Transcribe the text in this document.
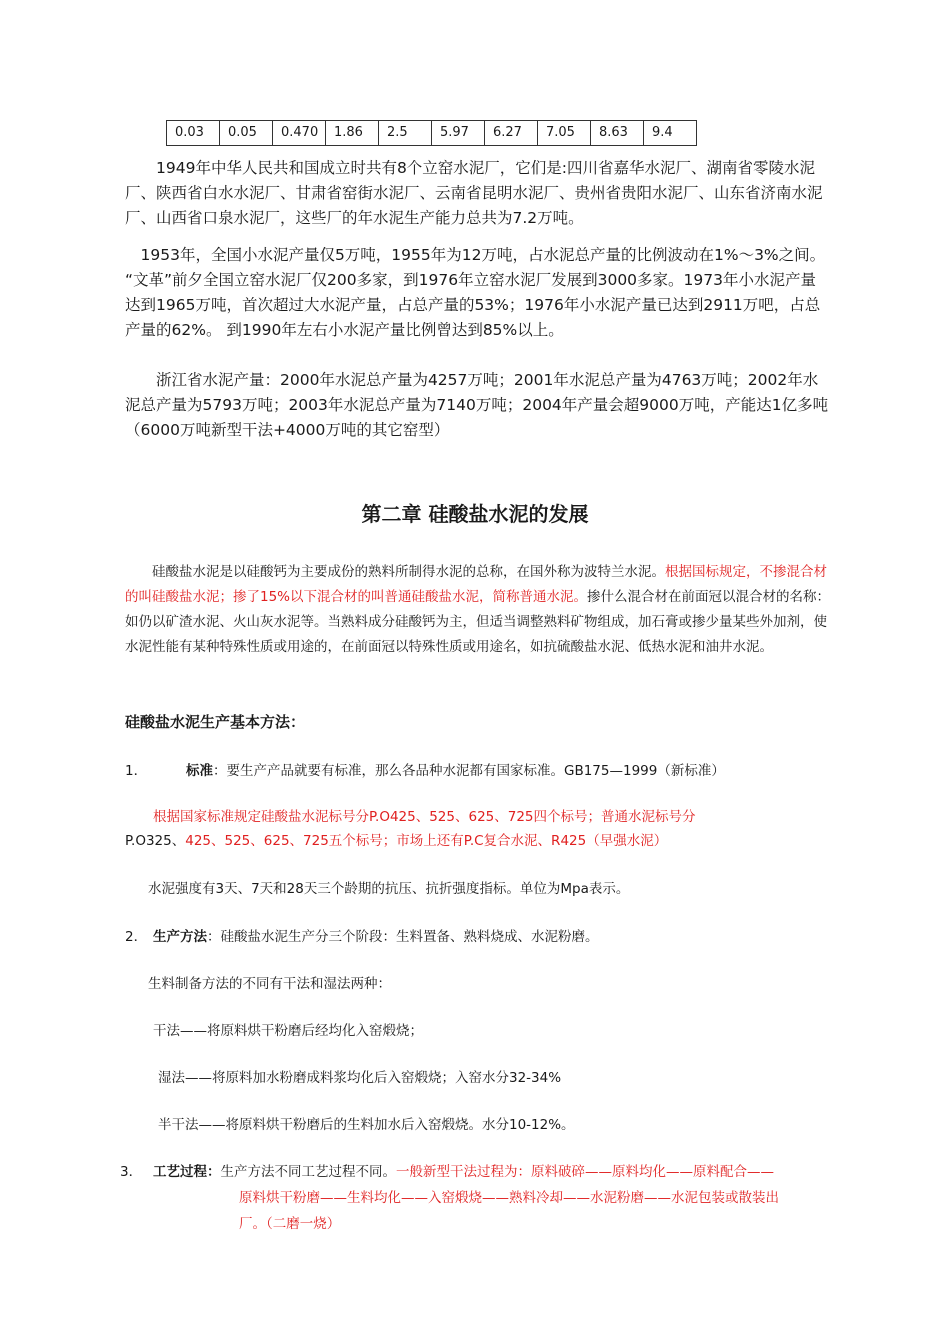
0.03	0.05	0.470	1.86	2.5	5.97	6.27	7.05	8.63	9.4

　　1949年中华人民共和国成立时共有8个立窑水泥厂，它们是:四川省嘉华水泥厂、湖南省零陵水泥厂、陕西省白水水泥厂、甘肃省窑街水泥厂、云南省昆明水泥厂、贵州省贵阳水泥厂、山东省济南水泥厂、山西省口泉水泥厂，这些厂的年水泥生产能力总共为7.2万吨。

　1953年，全国小水泥产量仅5万吨，1955年为12万吨，占水泥总产量的比例波动在1%～3%之间。 “文革”前夕全国立窑水泥厂仅200多家，到1976年立窑水泥厂发展到3000多家。1973年小水泥产量达到1965万吨，首次超过大水泥产量，占总产量的53%；1976年小水泥产量已达到2911万吧，占总产量的62%。 到1990年左右小水泥产量比例曾达到85%以上。

　　浙江省水泥产量：2000年水泥总产量为4257万吨；2001年水泥总产量为4763万吨；2002年水泥总产量为5793万吨；2003年水泥总产量为7140万吨；2004年产量会超9000万吨，产能达1亿多吨（6000万吨新型干法+4000万吨的其它窑型）

第二章 硅酸盐水泥的发展

　　硅酸盐水泥是以硅酸钙为主要成份的熟料所制得水泥的总称，在国外称为波特兰水泥。根据国标规定，不掺混合材的叫硅酸盐水泥；掺了15%以下混合材的叫普通硅酸盐水泥，简称普通水泥。掺什么混合材在前面冠以混合材的名称：如仍以矿渣水泥、火山灰水泥等。当熟料成分硅酸钙为主，但适当调整熟料矿物组成，加石膏或掺少量某些外加剂，使水泥性能有某种特殊性质或用途的，在前面冠以特殊性质或用途名，如抗硫酸盐水泥、低热水泥和油井水泥。

硅酸盐水泥生产基本方法：
1．	标准：要生产产品就要有标准，那么各品种水泥都有国家标准。GB175—1999（新标准）
根据国家标准规定硅酸盐水泥标号分P.O425、525、625、725四个标号；普通水泥标号分
P.O325、425、525、625、725五个标号；市场上还有P.C复合水泥、R425（早强水泥）
水泥强度有3天、7天和28天三个龄期的抗压、抗折强度指标。单位为Mpa表示。
2． 生产方法：硅酸盐水泥生产分三个阶段：生料置备、熟料烧成、水泥粉磨。
生料制备方法的不同有干法和湿法两种：
干法——将原料烘干粉磨后经均化入窑煅烧；
湿法——将原料加水粉磨成料浆均化后入窑煅烧；入窑水分32-34%
半干法——将原料烘干粉磨后的生料加水后入窑煅烧。水分10-12%。
3． 工艺过程：生产方法不同工艺过程不同。一般新型干法过程为：原料破碎——原料均化——原料配合——
原料烘干粉磨——生料均化——入窑煅烧——熟料冷却——水泥粉磨——水泥包装或散装出
厂。（二磨一烧）
